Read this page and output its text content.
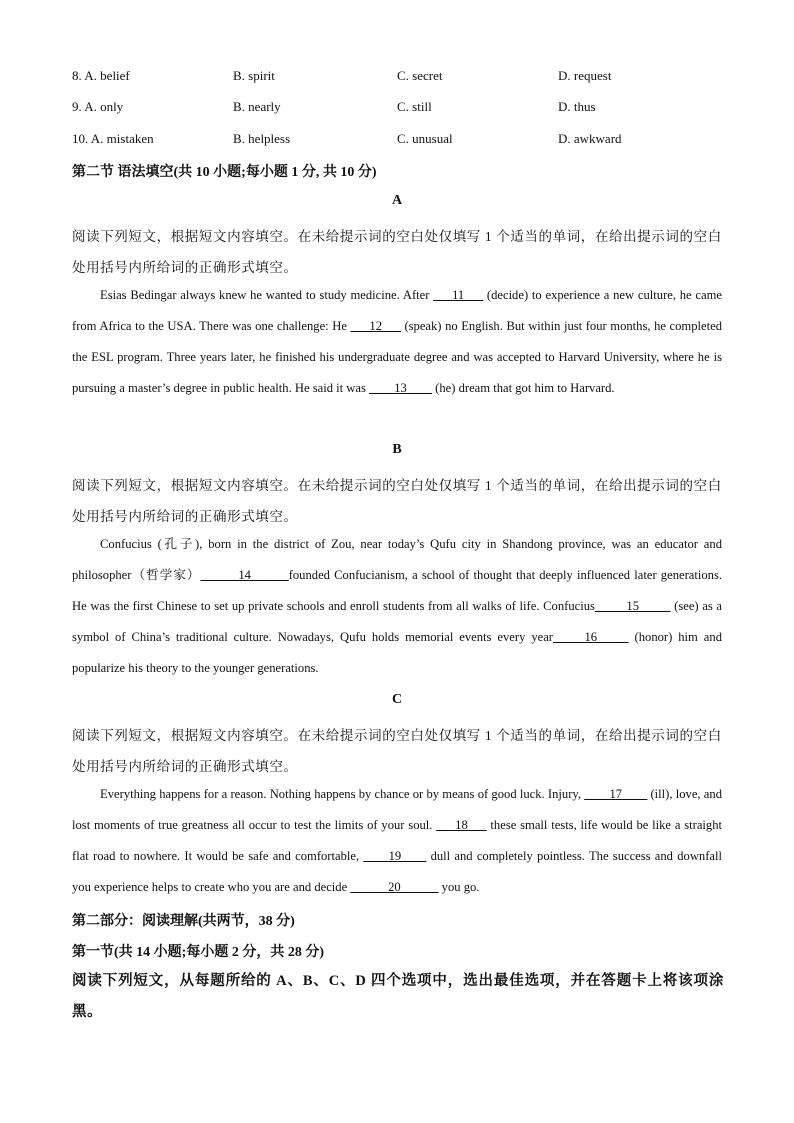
8. A. belief	B. spirit	C. secret	D. request
9. A. only	B. nearly	C. still	D. thus
10. A. mistaken	B. helpless	C. unusual	D. awkward
第二节 语法填空(共 10 小题;每小题 1 分, 共 10 分)
A
阅读下列短文，根据短文内容填空。在未给提示词的空白处仅填写 1 个适当的单词，在给出提示词的空白
处用括号内所给词的正确形式填空。
Esias Bedingar always knew he wanted to study medicine. After ___11___ (decide) to experience a new culture, he came from Africa to the USA. There was one challenge: He ___12___ (speak) no English. But within just four months, he completed the ESL program. Three years later, he finished his undergraduate degree and was accepted to Harvard University, where he is pursuing a master’s degree in public health. He said it was ____13____ (he) dream that got him to Harvard.
B
阅读下列短文，根据短文内容填空。在未给提示词的空白处仅填写 1 个适当的单词，在给出提示词的空白
处用括号内所给词的正确形式填空。
Confucius (孔子), born in the district of Zou, near today’s Qufu city in Shandong province, was an educator and philosopher（哲学家）______14______founded Confucianism, a school of thought that deeply influenced later generations. He was the first Chinese to set up private schools and enroll students from all walks of life. Confucius_____15_____ (see) as a symbol of China’s traditional culture. Nowadays, Qufu holds memorial events every year_____16_____ (honor) him and popularize his theory to the younger generations.
C
阅读下列短文，根据短文内容填空。在未给提示词的空白处仅填写 1 个适当的单词，在给出提示词的空白
处用括号内所给词的正确形式填空。
Everything happens for a reason. Nothing happens by chance or by means of good luck. Injury, ____17____ (ill), love, and lost moments of true greatness all occur to test the limits of your soul. ___18___ these small tests, life would be like a straight flat road to nowhere. It would be safe and comfortable, ____19____ dull and completely pointless. The success and downfall you experience helps to create who you are and decide ______20______ you go.
第二部分：阅读理解(共两节，38 分)
第一节(共 14 小题;每小题 2 分，共 28 分)
阅读下列短文，从每题所给的 A、B、C、D 四个选项中，选出最佳选项，并在答题卡上将该项涂黑。
